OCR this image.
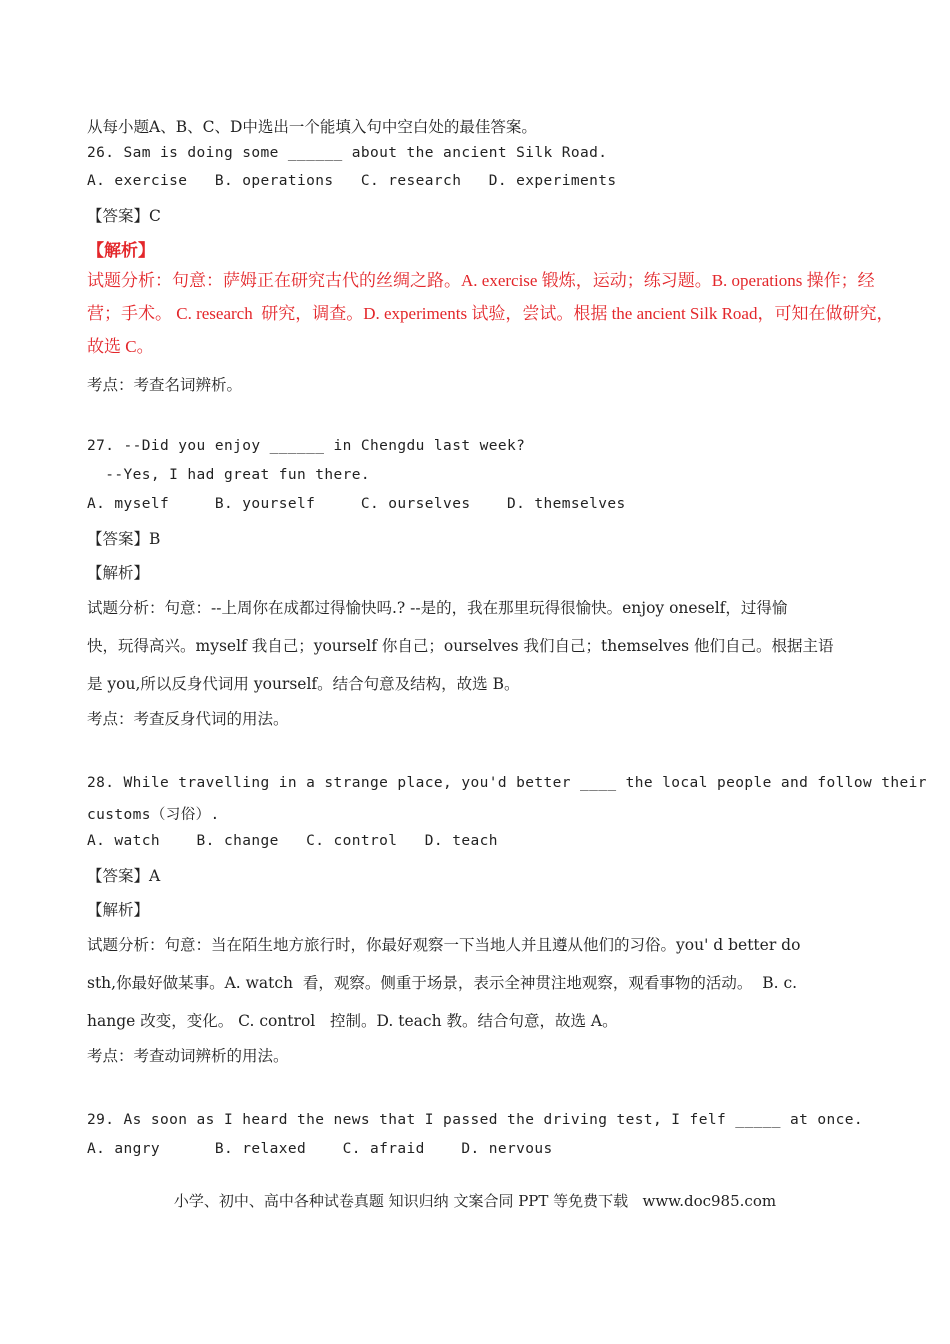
从每小题A、B、C、D中选出一个能填入句中空白处的最佳答案。
26. Sam is doing some ______ about the ancient Silk Road.
A. exercise   B. operations   C. research   D. experiments
【答案】C
【解析】
试题分析：句意：萨姆正在研究古代的丝绸之路。A. exercise 锻炼，运动；练习题。B. operations 操作；经
营；手术。 C. research  研究，调查。D. experiments 试验，尝试。根据 the ancient Silk Road，可知在做研究，
故选 C。
考点：考查名词辨析。
27. --Did you enjoy ______ in Chengdu last week?
--Yes, I had great fun there.
A. myself     B. yourself     C. ourselves    D. themselves
【答案】B
【解析】
试题分析：句意：--上周你在成都过得愉快吗.? --是的，我在那里玩得很愉快。enjoy oneself，过得愉
快，玩得高兴。myself 我自己；yourself 你自己；ourselves 我们自己；themselves 他们自己。根据主语
是 you,所以反身代词用 yourself。结合句意及结构，故选 B。
考点：考查反身代词的用法。
28. While travelling in a strange place, you'd better ____ the local people and follow their
customs（习俗）.
A. watch    B. change   C. control   D. teach
【答案】A
【解析】
试题分析：句意：当在陌生地方旅行时，你最好观察一下当地人并且遵从他们的习俗。you' d better do
sth,你最好做某事。A. watch  看，观察。侧重于场景，表示全神贯注地观察，观看事物的活动。  B. c.
hange 改变，变化。 C. control   控制。D. teach 教。结合句意，故选 A。
考点：考查动词辨析的用法。
29. As soon as I heard the news that I passed the driving test, I felf _____ at once.
A. angry      B. relaxed    C. afraid    D. nervous
小学、初中、高中各种试卷真题 知识归纳 文案合同 PPT 等免费下载   www.doc985.com
